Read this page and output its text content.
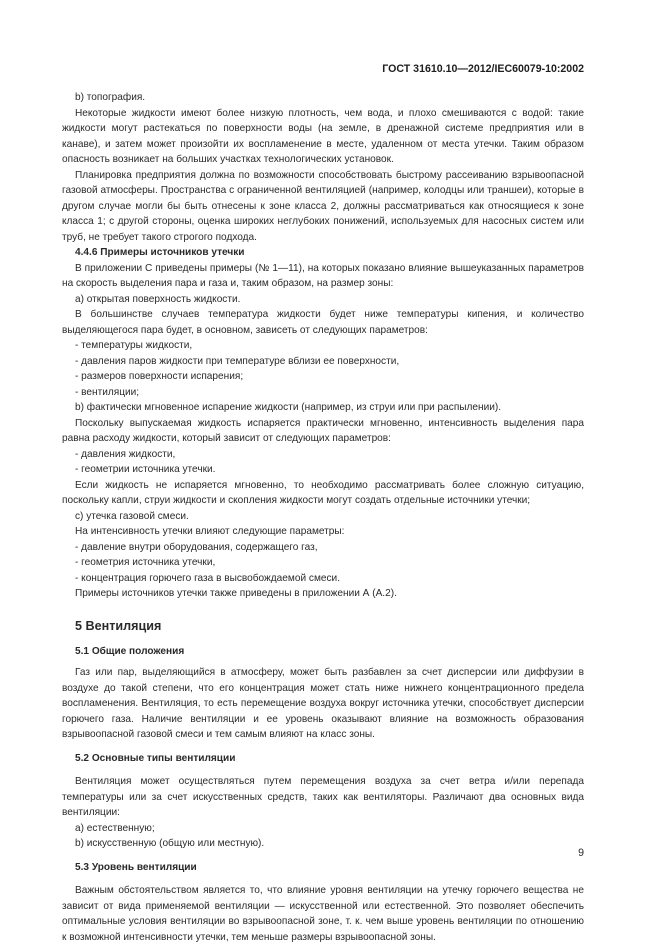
ГОСТ 31610.10—2012/IEC60079-10:2002

b) топография.

Некоторые жидкости имеют более низкую плотность, чем вода, и плохо смешиваются с водой: такие жидкости могут растекаться по поверхности воды (на земле, в дренажной системе предприятия или в канаве), и затем может произойти их воспламенение в месте, удаленном от места утечки. Таким образом опасность возникает на больших участках технологических установок.

Планировка предприятия должна по возможности способствовать быстрому рассеиванию взрывоопасной газовой атмосферы. Пространства с ограниченной вентиляцией (например, колодцы или траншеи), которые в другом случае могли бы быть отнесены к зоне класса 2, должны рассматриваться как относящиеся к зоне класса 1; с другой стороны, оценка широких неглубоких понижений, используемых для насосных систем или труб, не требует такого строгого подхода.

4.4.6 Примеры источников утечки

В приложении С приведены примеры (№ 1—11), на которых показано влияние вышеуказанных параметров на скорость выделения пара и газа и, таким образом, на размер зоны:

a) открытая поверхность жидкости.

В большинстве случаев температура жидкости будет ниже температуры кипения, и количество выделяющегося пара будет, в основном, зависеть от следующих параметров:

- температуры жидкости,

- давления паров жидкости при температуре вблизи ее поверхности,

- размеров поверхности испарения;

- вентиляции;

b) фактически мгновенное испарение жидкости (например, из струи или при распылении).

Поскольку выпускаемая жидкость испаряется практически мгновенно, интенсивность выделения пара равна расходу жидкости, который зависит от следующих параметров:

- давления жидкости,

- геометрии источника утечки.

Если жидкость не испаряется мгновенно, то необходимо рассматривать более сложную ситуацию, поскольку капли, струи жидкости и скопления жидкости могут создать отдельные источники утечки;

c) утечка газовой смеси.

На интенсивность утечки влияют следующие параметры:

- давление внутри оборудования, содержащего газ,

- геометрия источника утечки,

- концентрация горючего газа в высвобождаемой смеси.

Примеры источников утечки также приведены в приложении А (А.2).

5 Вентиляция

5.1 Общие положения

Газ или пар, выделяющийся в атмосферу, может быть разбавлен за счет дисперсии или диффузии в воздухе до такой степени, что его концентрация может стать ниже нижнего концентрационного предела воспламенения. Вентиляция, то есть перемещение воздуха вокруг источника утечки, способствует дисперсии горючего газа. Наличие вентиляции и ее уровень оказывают влияние на возможность образования взрывоопасной газовой смеси и тем самым влияют на класс зоны.

5.2 Основные типы вентиляции

Вентиляция может осуществляться путем перемещения воздуха за счет ветра и/или перепада температуры или за счет искусственных средств, таких как вентиляторы. Различают два основных вида вентиляции:

a) естественную;

b) искусственную (общую или местную).

5.3 Уровень вентиляции

Важным обстоятельством является то, что влияние уровня вентиляции на утечку горючего вещества не зависит от вида применяемой вентиляции — искусственной или естественной. Это позволяет обеспечить оптимальные условия вентиляции во взрывоопасной зоне, т. к. чем выше уровень вентиляции по отношению к возможной интенсивности утечки, тем меньше размеры взрывоопасной зоны.

9
